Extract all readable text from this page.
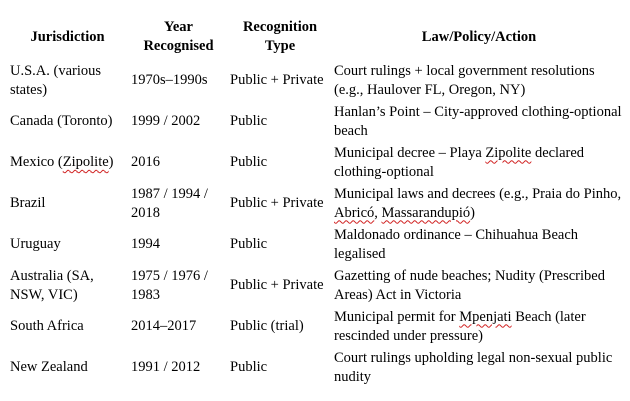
Jurisdiction	Year Recognised	Recognition Type	Law/Policy/Action
U.S.A. (various states)	1970s–1990s	Public + Private	Court rulings + local government resolutions (e.g., Haulover FL, Oregon, NY)
Canada (Toronto)	1999 / 2002	Public	Hanlan’s Point – City-approved clothing-optional beach
Mexico (Zipolite)	2016	Public	Municipal decree – Playa Zipolite declared clothing-optional
Brazil	1987 / 1994 / 2018	Public + Private	Municipal laws and decrees (e.g., Praia do Pinho, Abricó, Massarandupió)
Uruguay	1994	Public	Maldonado ordinance – Chihuahua Beach legalised
Australia (SA, NSW, VIC)	1975 / 1976 / 1983	Public + Private	Gazetting of nude beaches; Nudity (Prescribed Areas) Act in Victoria
South Africa	2014–2017	Public (trial)	Municipal permit for Mpenjati Beach (later rescinded under pressure)
New Zealand	1991 / 2012	Public	Court rulings upholding legal non-sexual public nudity
